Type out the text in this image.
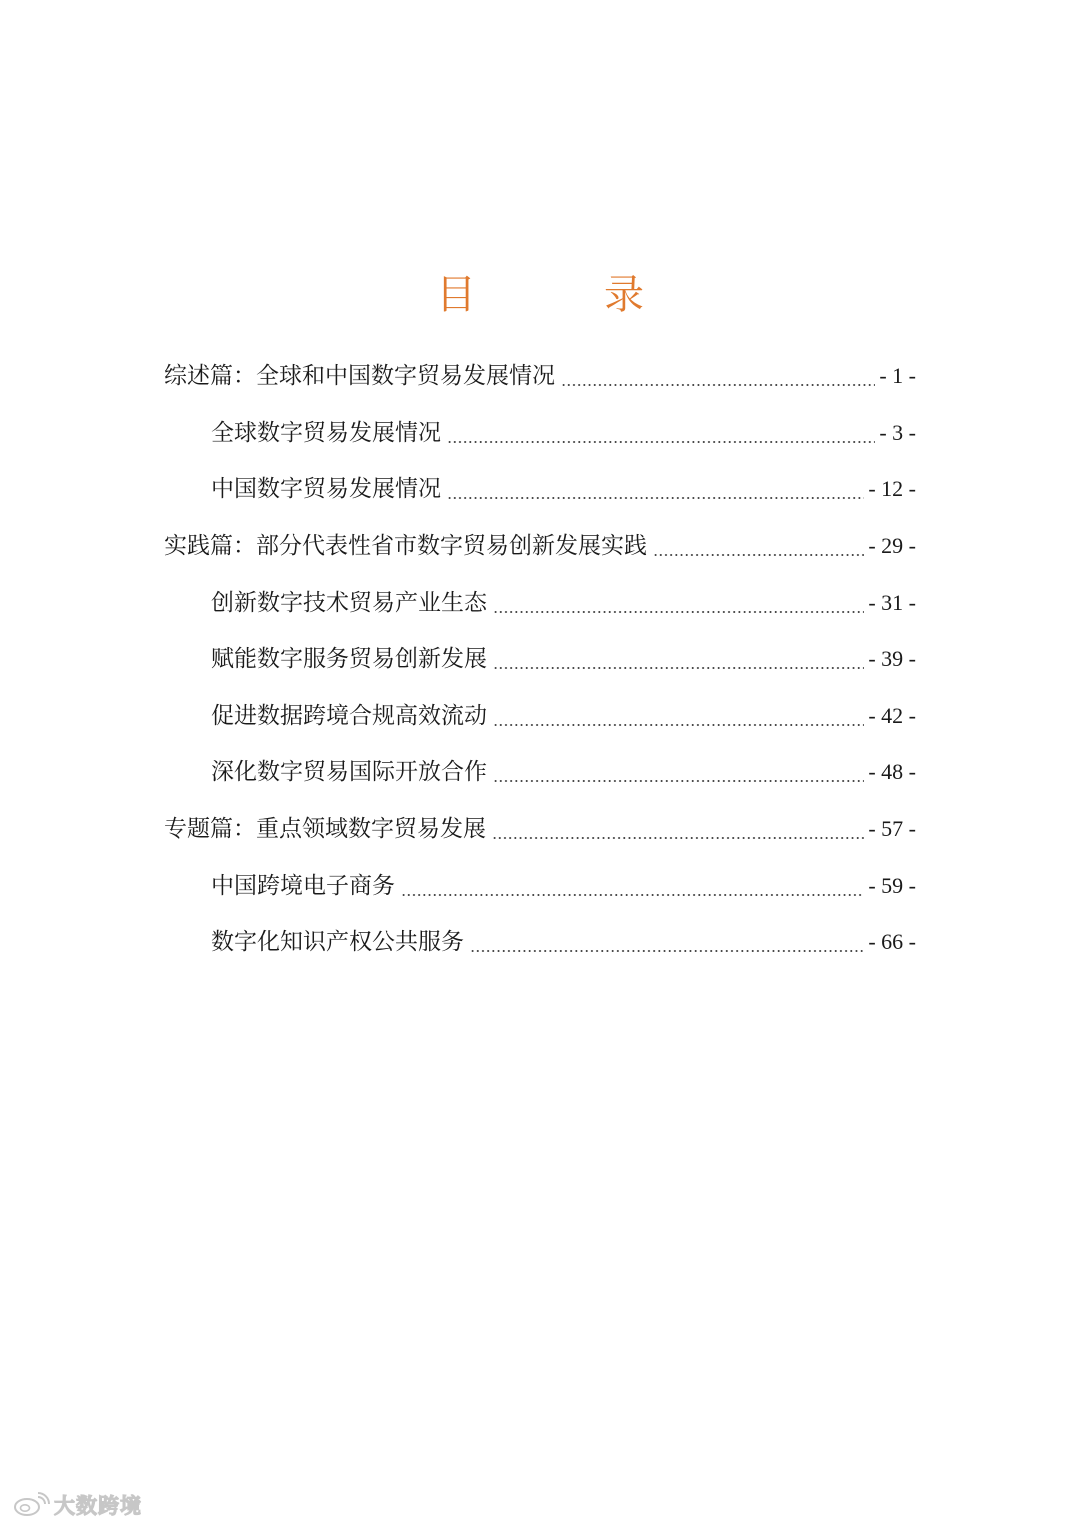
目　录
综述篇：全球和中国数字贸易发展情况	- 1 -
全球数字贸易发展情况	- 3 -
中国数字贸易发展情况	- 12 -
实践篇：部分代表性省市数字贸易创新发展实践	- 29 -
创新数字技术贸易产业生态	- 31 -
赋能数字服务贸易创新发展	- 39 -
促进数据跨境合规高效流动	- 42 -
深化数字贸易国际开放合作	- 48 -
专题篇：重点领域数字贸易发展	- 57 -
中国跨境电子商务	- 59 -
数字化知识产权公共服务	- 66 -
大数跨境
